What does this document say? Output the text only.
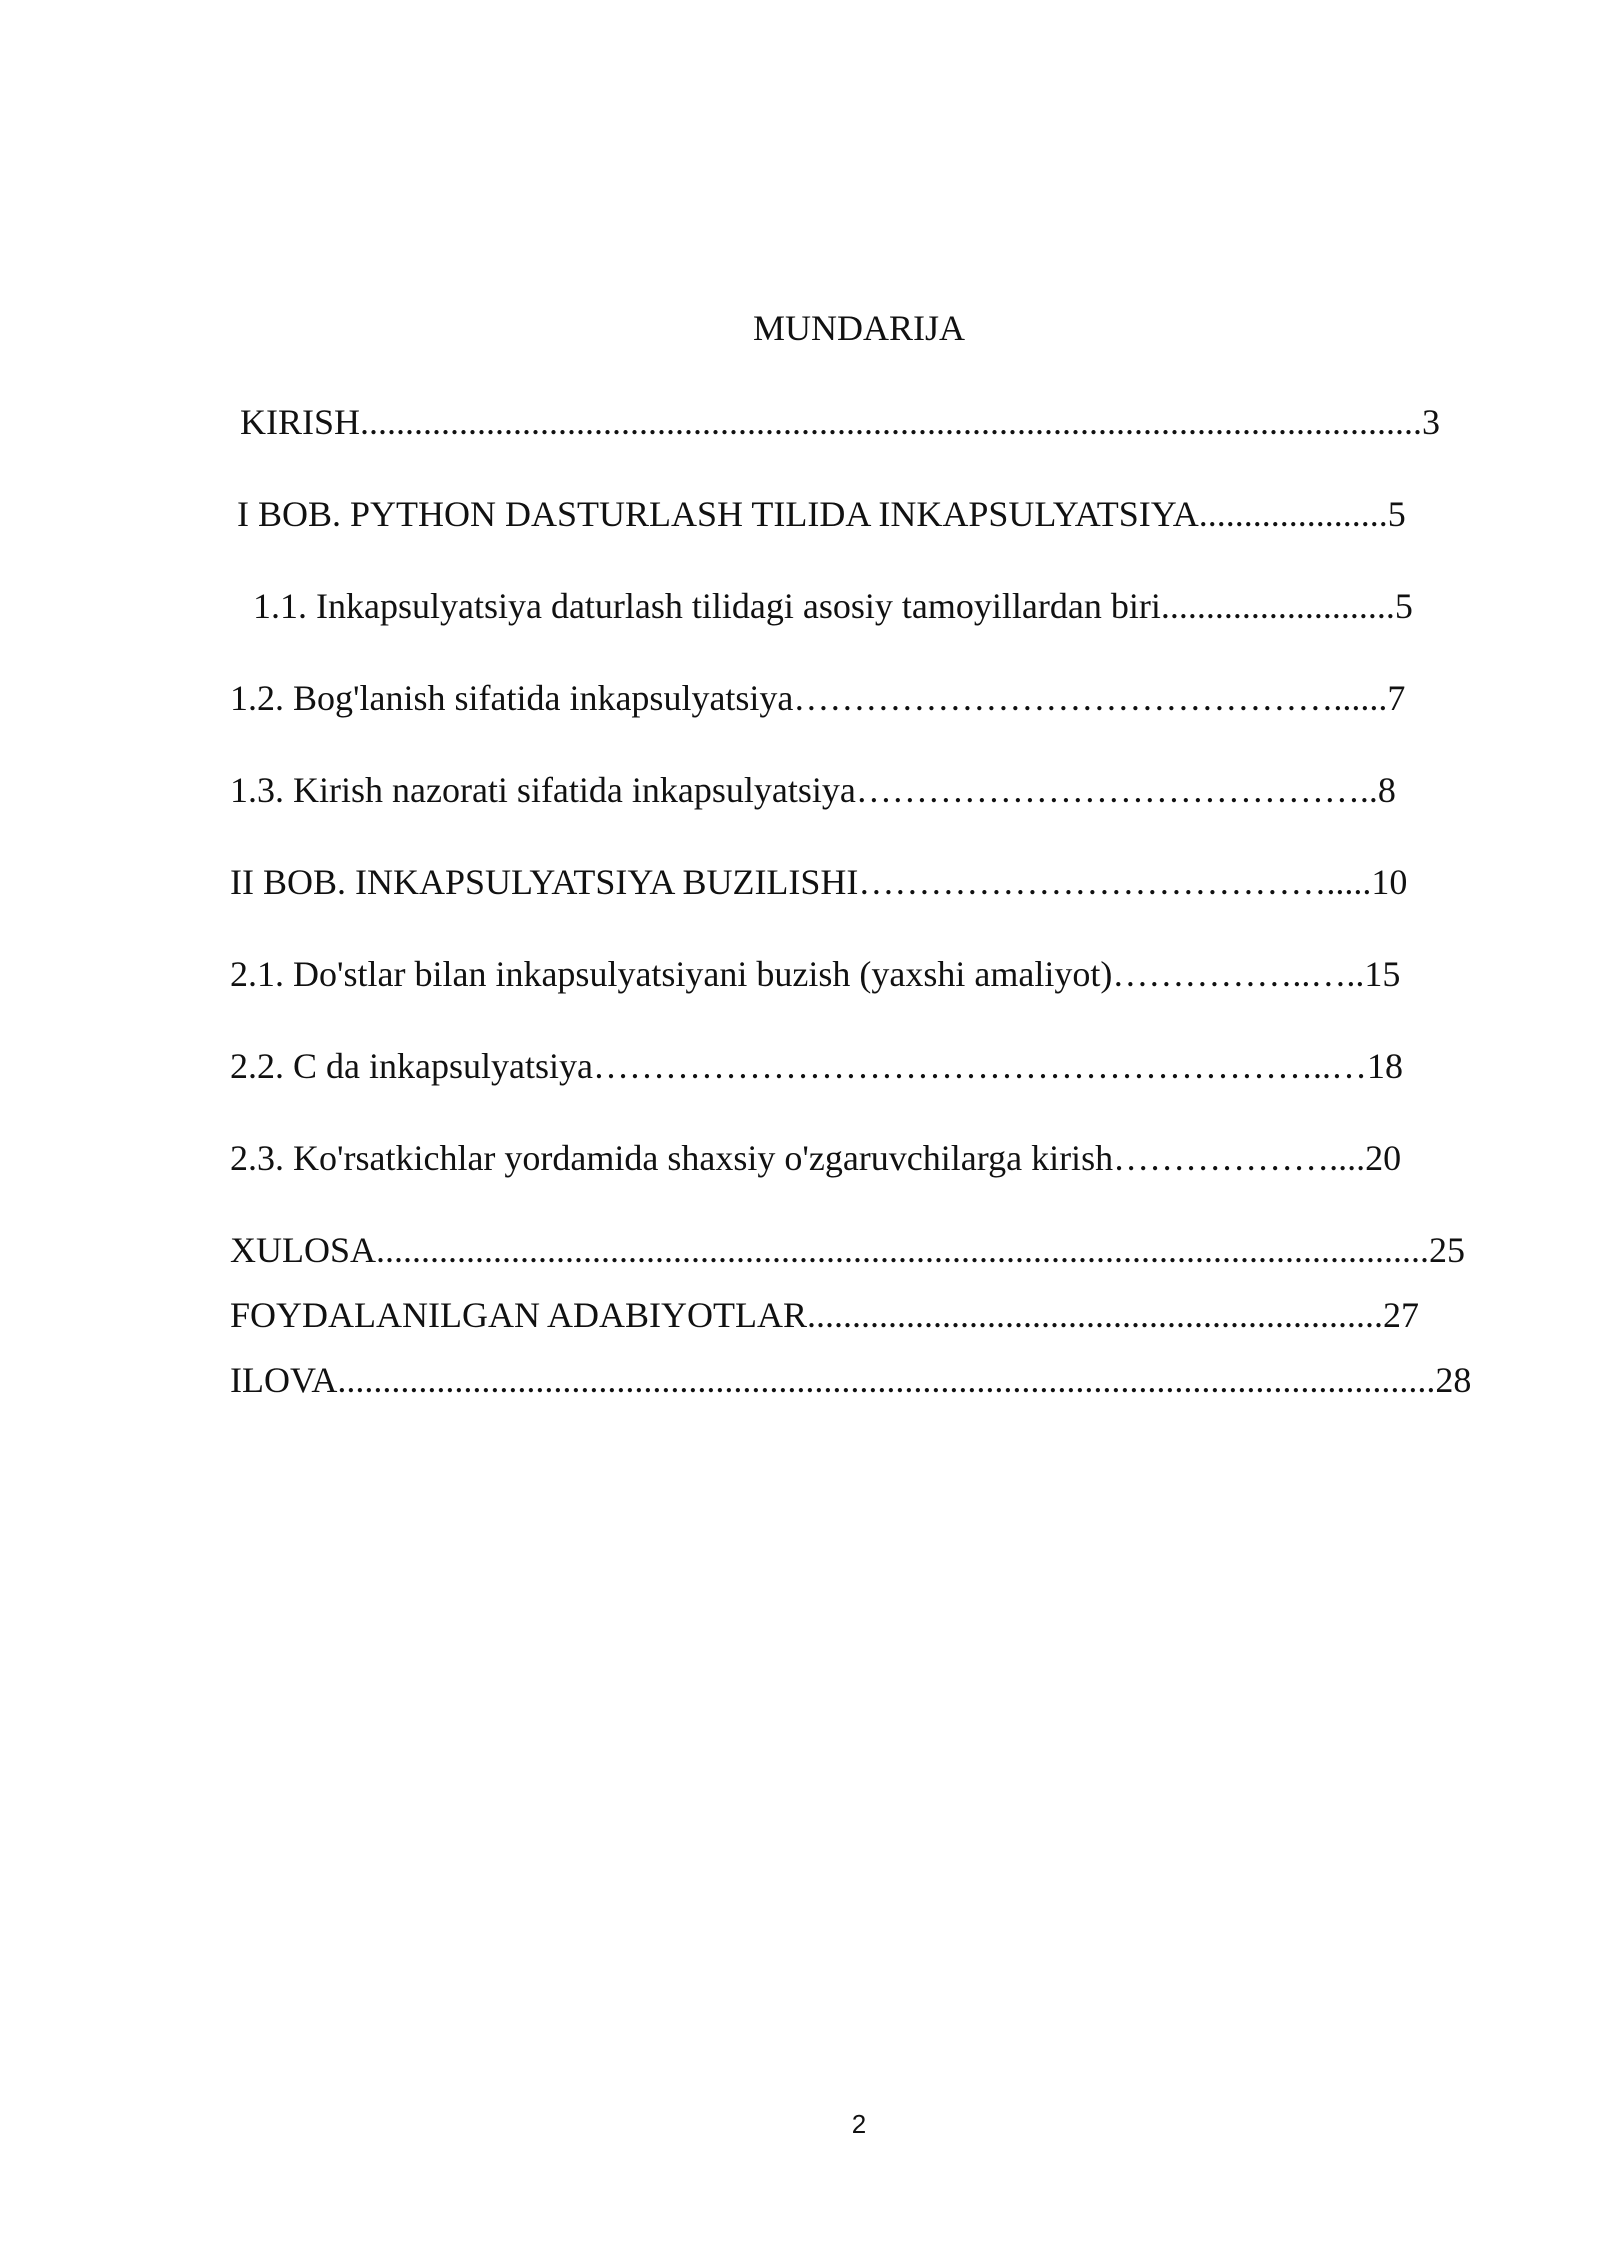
MUNDARIJA
KIRISH......................................................................................................................3
I BOB. PYTHON DASTURLASH TILIDA INKAPSULYATSIYA.....................5
1.1. Inkapsulyatsiya daturlash tilidagi asosiy tamoyillardan biri..........................5
1.2. Bog'lanish sifatida inkapsulyatsiya………………………………………......7
1.3. Kirish nazorati sifatida inkapsulyatsiya……………………………………..8
II BOB. INKAPSULYATSIYA BUZILISHI………………………………….....10
2.1. Do'stlar bilan inkapsulyatsiyani buzish (yaxshi amaliyot)……………..…..15
2.2. C da inkapsulyatsiya……………………………………………………..…18
2.3. Ko'rsatkichlar yordamida shaxsiy o'zgaruvchilarga kirish………………....20
XULOSA.....................................................................................................................25
FOYDALANILGAN ADABIYOTLAR................................................................27
ILOVA..........................................................................................................................28
2
